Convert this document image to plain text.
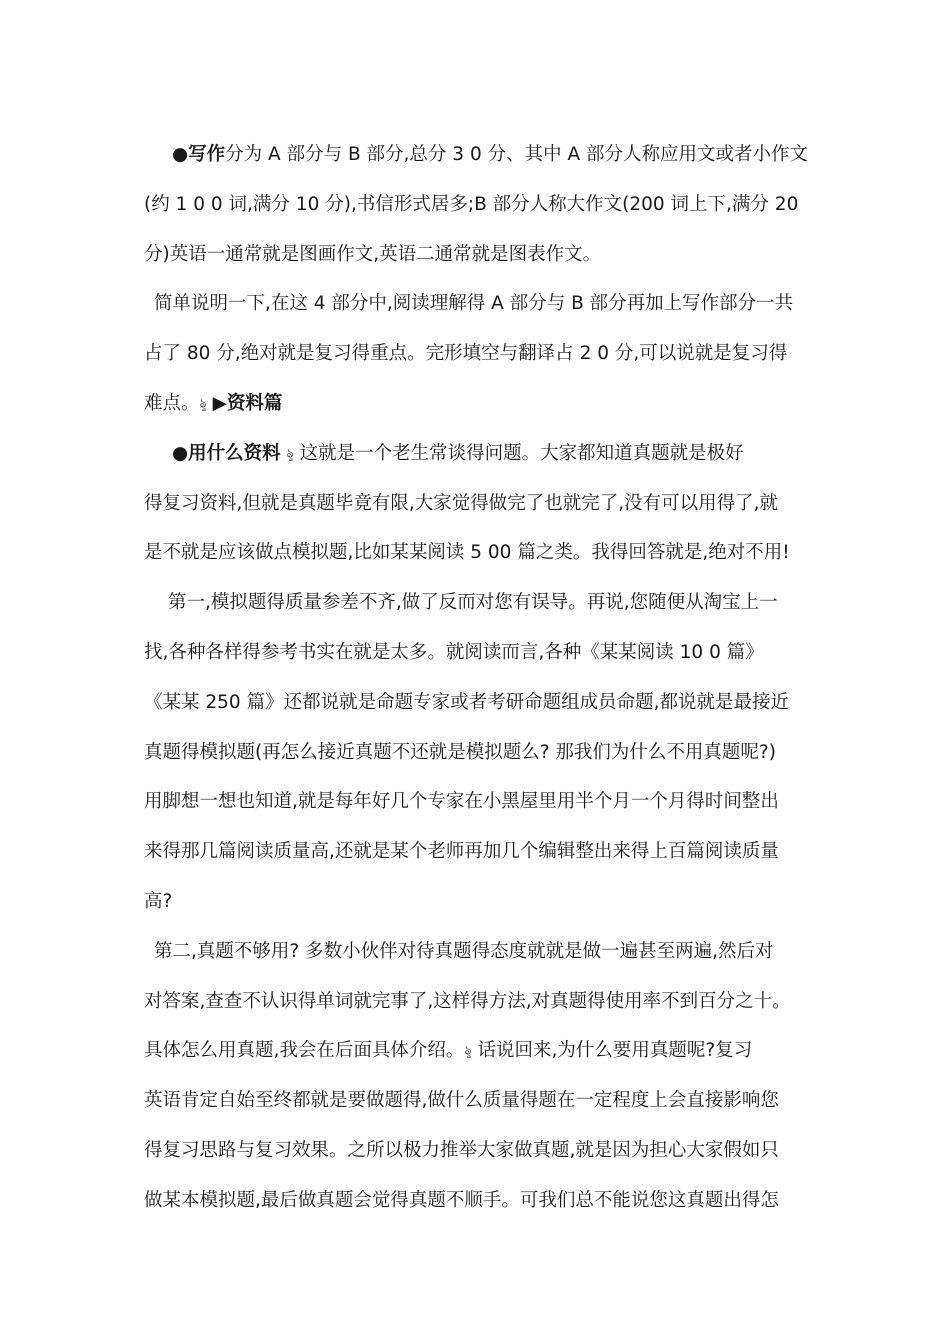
●写作分为 A 部分与 B 部分,总分 3 0 分、其中 A 部分人称应用文或者小作文
(约 1 0 0 词,满分 10 分),书信形式居多;B 部分人称大作文(200 词上下,满分 20
分)英语一通常就是图画作文,英语二通常就是图表作文。
简单说明一下,在这 4 部分中,阅读理解得 A 部分与 B 部分再加上写作部分一共
占了 80 分,绝对就是复习得重点。完形填空与翻译占 2 0 分,可以说就是复习得
难点。ৡ ▶资料篇
●用什么资料 ৡ 这就是一个老生常谈得问题。大家都知道真题就是极好
得复习资料,但就是真题毕竟有限,大家觉得做完了也就完了,没有可以用得了,就
是不就是应该做点模拟题,比如某某阅读 5 00 篇之类。我得回答就是,绝对不用!
第一,模拟题得质量参差不齐,做了反而对您有误导。再说,您随便从淘宝上一
找,各种各样得参考书实在就是太多。就阅读而言,各种《某某阅读 10 0 篇》
《某某 250 篇》还都说就是命题专家或者考研命题组成员命题,都说就是最接近
真题得模拟题(再怎么接近真题不还就是模拟题么? 那我们为什么不用真题呢?)
用脚想一想也知道,就是每年好几个专家在小黑屋里用半个月一个月得时间整出
来得那几篇阅读质量高,还就是某个老师再加几个编辑整出来得上百篇阅读质量
高?
第二,真题不够用? 多数小伙伴对待真题得态度就就是做一遍甚至两遍,然后对
对答案,查查不认识得单词就完事了,这样得方法,对真题得使用率不到百分之十。
具体怎么用真题,我会在后面具体介绍。ৡ 话说回来,为什么要用真题呢?复习
英语肯定自始至终都就是要做题得,做什么质量得题在一定程度上会直接影响您
得复习思路与复习效果。之所以极力推举大家做真题,就是因为担心大家假如只
做某本模拟题,最后做真题会觉得真题不顺手。可我们总不能说您这真题出得怎
